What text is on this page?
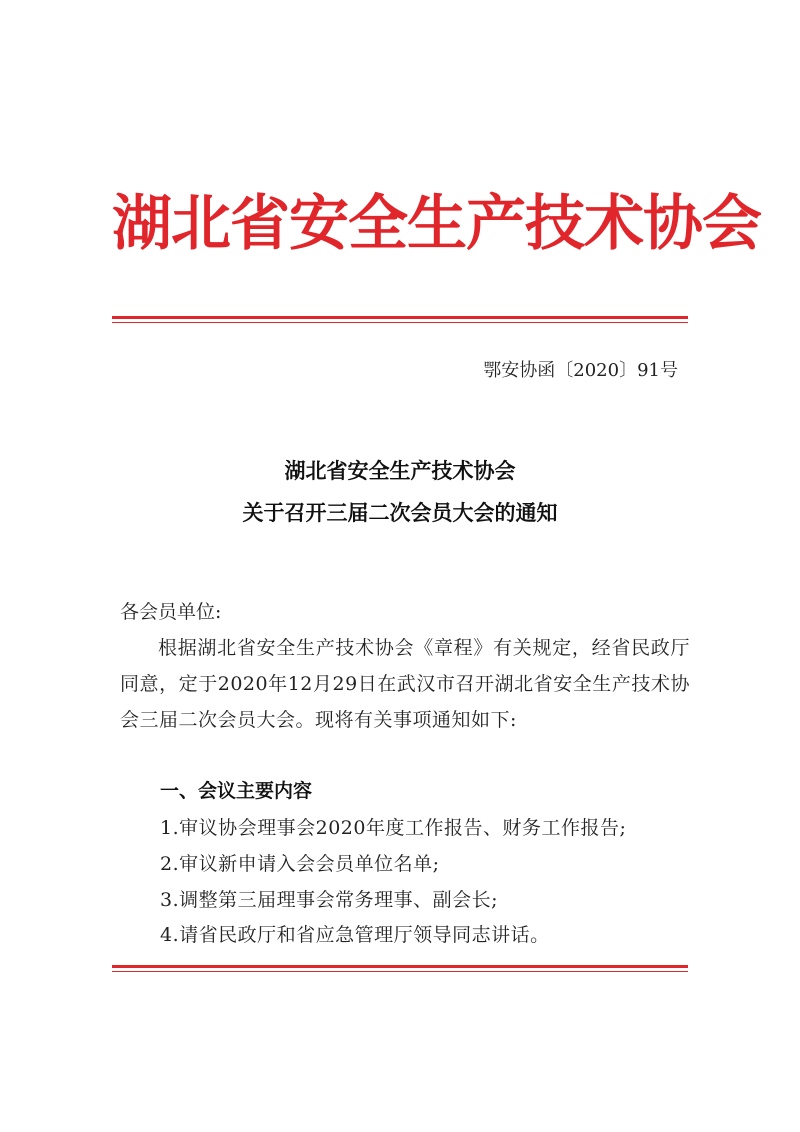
湖北省安全生产技术协会
鄂安协函〔2020〕91号
湖北省安全生产技术协会
关于召开三届二次会员大会的通知
各会员单位:
根据湖北省安全生产技术协会《章程》有关规定，经省民政厅同意，定于2020年12月29日在武汉市召开湖北省安全生产技术协会三届二次会员大会。现将有关事项通知如下:
一、会议主要内容
1.审议协会理事会2020年度工作报告、财务工作报告;
2.审议新申请入会会员单位名单;
3.调整第三届理事会常务理事、副会长;
4.请省民政厅和省应急管理厅领导同志讲话。
